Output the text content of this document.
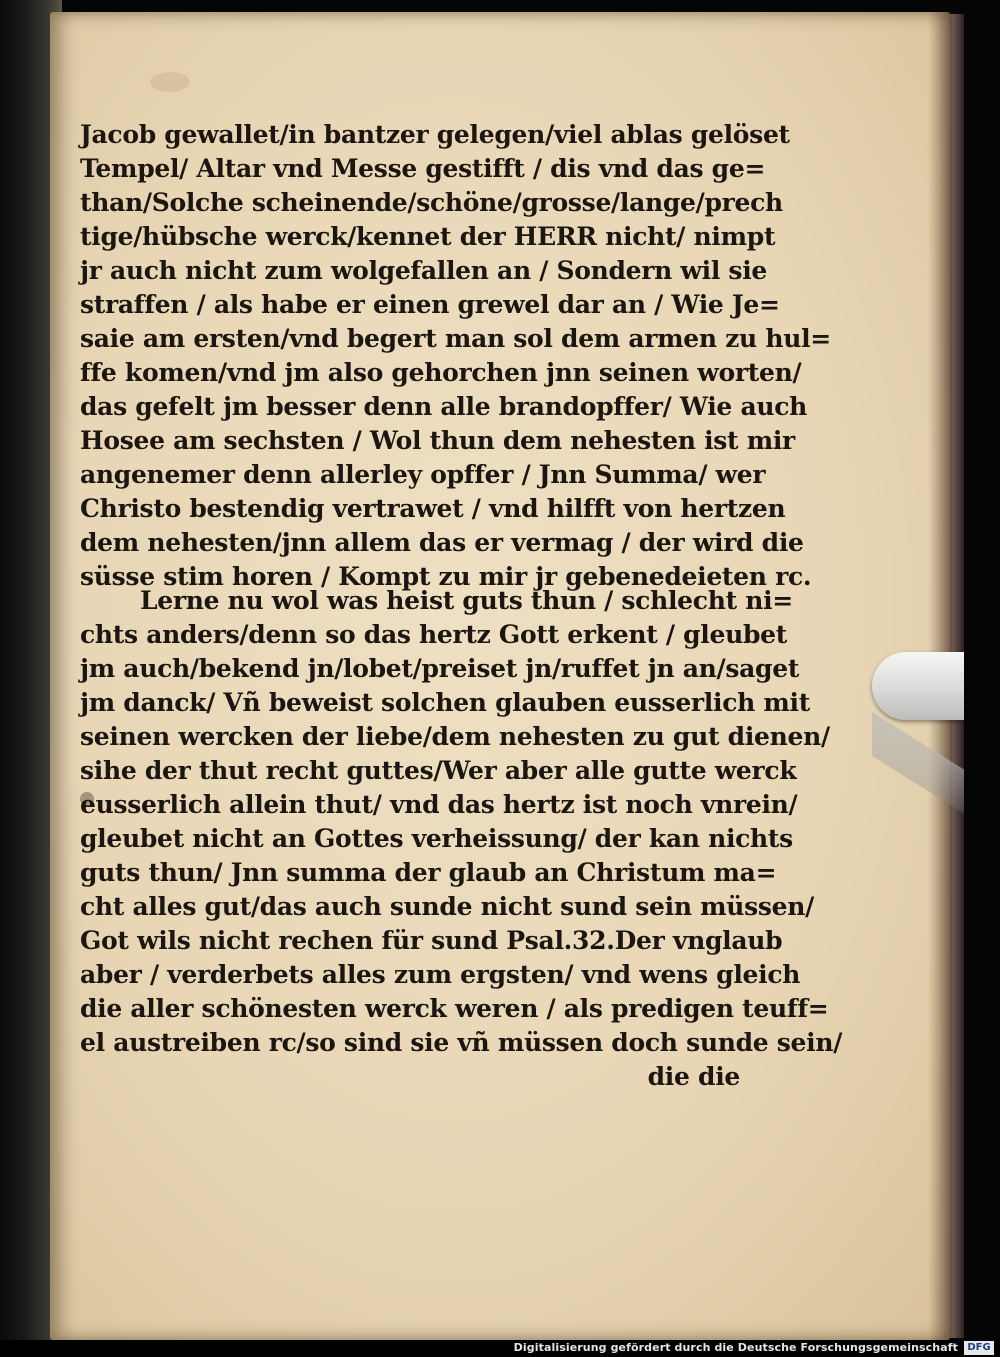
Jacob gewallet/in bantzer gelegen/viel ablas gelöset
Tempel/ Altar vnd Messe gestifft / dis vnd das ge=
than/Solche scheinende/schöne/grosse/lange/prech
tige/hübsche werck/kennet der HERR nicht/ nimpt
jr auch nicht zum wolgefallen an / Sondern wil sie
straffen / als habe er einen grewel dar an / Wie Je=
saie am ersten/vnd begert man sol dem armen zu hul=
ffe komen/vnd jm also gehorchen jnn seinen worten/
das gefelt jm besser denn alle brandopffer/ Wie auch
Hosee am sechsten / Wol thun dem nehesten ist mir
angenemer denn allerley opffer / Jnn Summa/ wer
Christo bestendig vertrawet / vnd hilfft von hertzen
dem nehesten/jnn allem das er vermag / der wird die
süsse stim horen / Kompt zu mir jr gebenedeieten rc.
Lerne nu wol was heist guts thun / schlecht ni=
chts anders/denn so das hertz Gott erkent / gleubet
jm auch/bekend jn/lobet/preiset jn/ruffet jn an/saget
jm danck/ Vñ beweist solchen glauben eusserlich mit
seinen wercken der liebe/dem nehesten zu gut dienen/
sihe der thut recht guttes/Wer aber alle gutte werck
eusserlich allein thut/ vnd das hertz ist noch vnrein/
gleubet nicht an Gottes verheissung/ der kan nichts
guts thun/ Jnn summa der glaub an Christum ma=
cht alles gut/das auch sunde nicht sund sein müssen/
Got wils nicht rechen für sund Psal.32.Der vnglaub
aber / verderbets alles zum ergsten/ vnd wens gleich
die aller schönesten werck weren / als predigen teuff=
el austreiben rc/so sind sie vñ müssen doch sunde sein/
die die
Digitalisierung gefördert durch die Deutsche Forschungsgemeinschaft DFG
